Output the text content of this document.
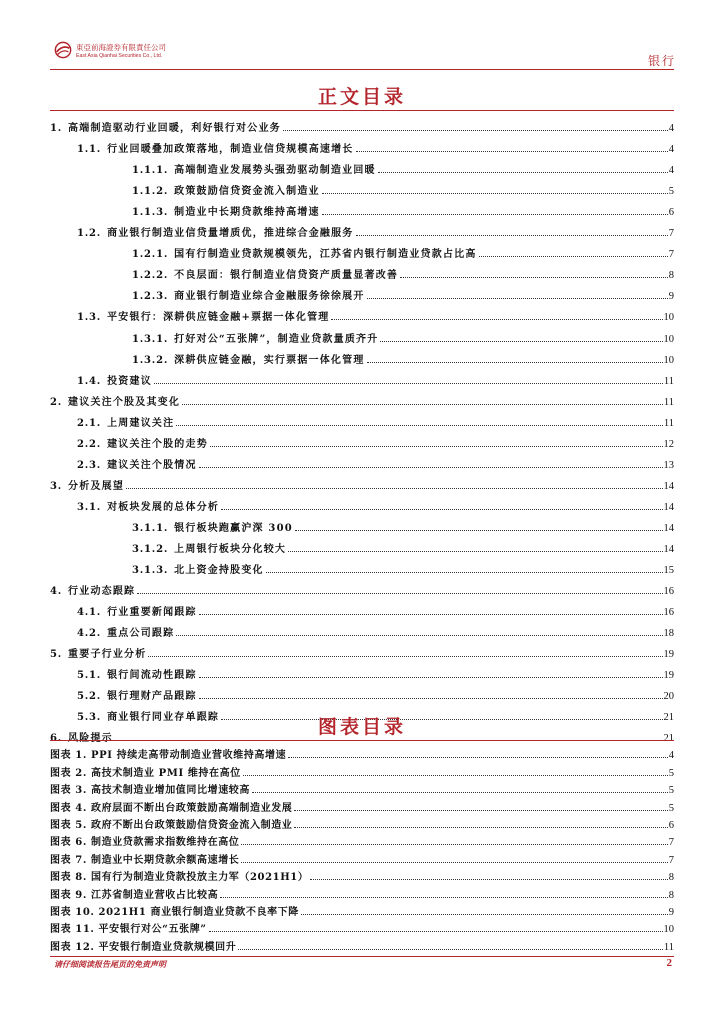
東亞前海證券有限責任公司
East Asia Qianhai Securities Co., Ltd.	银行
正文目录
1. 高端制造驱动行业回暖，利好银行对公业务	4
1.1. 行业回暖叠加政策落地，制造业信贷规模高速增长	4
1.1.1. 高端制造业发展势头强劲驱动制造业回暖	4
1.1.2. 政策鼓励信贷资金流入制造业	5
1.1.3. 制造业中长期贷款维持高增速	6
1.2. 商业银行制造业信贷量增质优，推进综合金融服务	7
1.2.1. 国有行制造业贷款规模领先，江苏省内银行制造业贷款占比高	7
1.2.2. 不良层面：银行制造业信贷资产质量显著改善	8
1.2.3. 商业银行制造业综合金融服务徐徐展开	9
1.3. 平安银行：深耕供应链金融+票据一体化管理	10
1.3.1. 打好对公“五张牌”，制造业贷款量质齐升	10
1.3.2. 深耕供应链金融，实行票据一体化管理	10
1.4. 投资建议	11
2. 建议关注个股及其变化	11
2.1. 上周建议关注	11
2.2. 建议关注个股的走势	12
2.3. 建议关注个股情况	13
3. 分析及展望	14
3.1. 对板块发展的总体分析	14
3.1.1. 银行板块跑赢沪深 300	14
3.1.2. 上周银行板块分化较大	14
3.1.3. 北上资金持股变化	15
4. 行业动态跟踪	16
4.1. 行业重要新闻跟踪	16
4.2. 重点公司跟踪	18
5. 重要子行业分析	19
5.1. 银行间流动性跟踪	19
5.2. 银行理财产品跟踪	20
5.3. 商业银行同业存单跟踪	21
6. 风险提示	21
图表目录
图表 1. PPI 持续走高带动制造业营收维持高增速	4
图表 2. 高技术制造业 PMI 维持在高位	5
图表 3. 高技术制造业增加值同比增速较高	5
图表 4. 政府层面不断出台政策鼓励高端制造业发展	5
图表 5. 政府不断出台政策鼓励信贷资金流入制造业	6
图表 6. 制造业贷款需求指数维持在高位	7
图表 7. 制造业中长期贷款余额高速增长	7
图表 8. 国有行为制造业贷款投放主力军（2021H1）	8
图表 9. 江苏省制造业营收占比较高	8
图表 10. 2021H1 商业银行制造业贷款不良率下降	9
图表 11. 平安银行对公“五张牌”	10
图表 12. 平安银行制造业贷款规模回升	11
请仔细阅读报告尾页的免责声明	2
